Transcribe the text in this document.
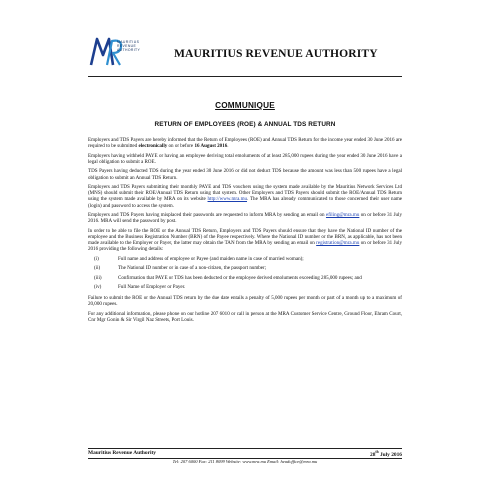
MAURITIUS
REVENUE
AUTHORITY	MAURITIUS REVENUE AUTHORITY
COMMUNIQUE
RETURN OF EMPLOYEES (ROE) & ANNUAL TDS RETURN

Employers and TDS Payers are hereby informed that the Return of Employees (ROE) and Annual TDS Return for the income year ended 30 June 2016 are required to be submitted electronically on or before 16 August 2016.

Employers having withheld PAYE or having an employee deriving total emoluments of at least 285,000 rupees during the year ended 30 June 2016 have a legal obligation to submit a ROE.

TDS Payers having deducted TDS during the year ended 30 June 2016 or did not deduct TDS because the amount was less than 500 rupees have a legal obligation to submit an Annual TDS Return.

Employers and TDS Payers submitting their monthly PAYE and TDS vouchers using the system made available by the Mauritius Network Services Ltd (MNS) should submit their ROE/Annual TDS Return using that system. Other Employers and TDS Payers should submit the ROE/Annual TDS Return using the system made available by MRA on its website http://www.mra.mu. The MRA has already communicated to those concerned their user name (login) and password to access the system.

Employers and TDS Payers having misplaced their passwords are requested to inform MRA by sending an email on efiling@mra.mu on or before 31 July 2016. MRA will send the password by post.

In order to be able to file the ROE or the Annual TDS Return, Employers and TDS Payers should ensure that they have the National ID number of the employee and the Business Registration Number (BRN) of the Payee respectively. Where the National ID number or the BRN, as applicable, has not been made available to the Employer or Payer, the latter may obtain the TAN from the MRA by sending an email on registration@mra.mu on or before 31 July 2016 providing the following details:

(i)	Full name and address of employee or Payee (and maiden name in case of married woman);
(ii)	The National ID number or in case of a non-citizen, the passport number;
(iii)	Confirmation that PAYE or TDS has been deducted or the employee derived emoluments exceeding 285,000 rupees; and
(iv)	Full Name of Employer or Payer.

Failure to submit the ROE or the Annual TDS return by the due date entails a penalty of 5,000 rupees per month or part of a month up to a maximum of 20,000 rupees.

For any additional information, please phone on our hotline 207 6010 or call in person at the MRA Customer Service Centre, Ground Floor, Ehram Court, Cnr Mgr Gonin & Sir Virgil Naz Streets, Port Louis.

Mauritius Revenue Authority	28th July 2016
Tel: 207 6000 Fax: 211 8099 Website: www.mra.mu Email: headoffice@mra.mu
